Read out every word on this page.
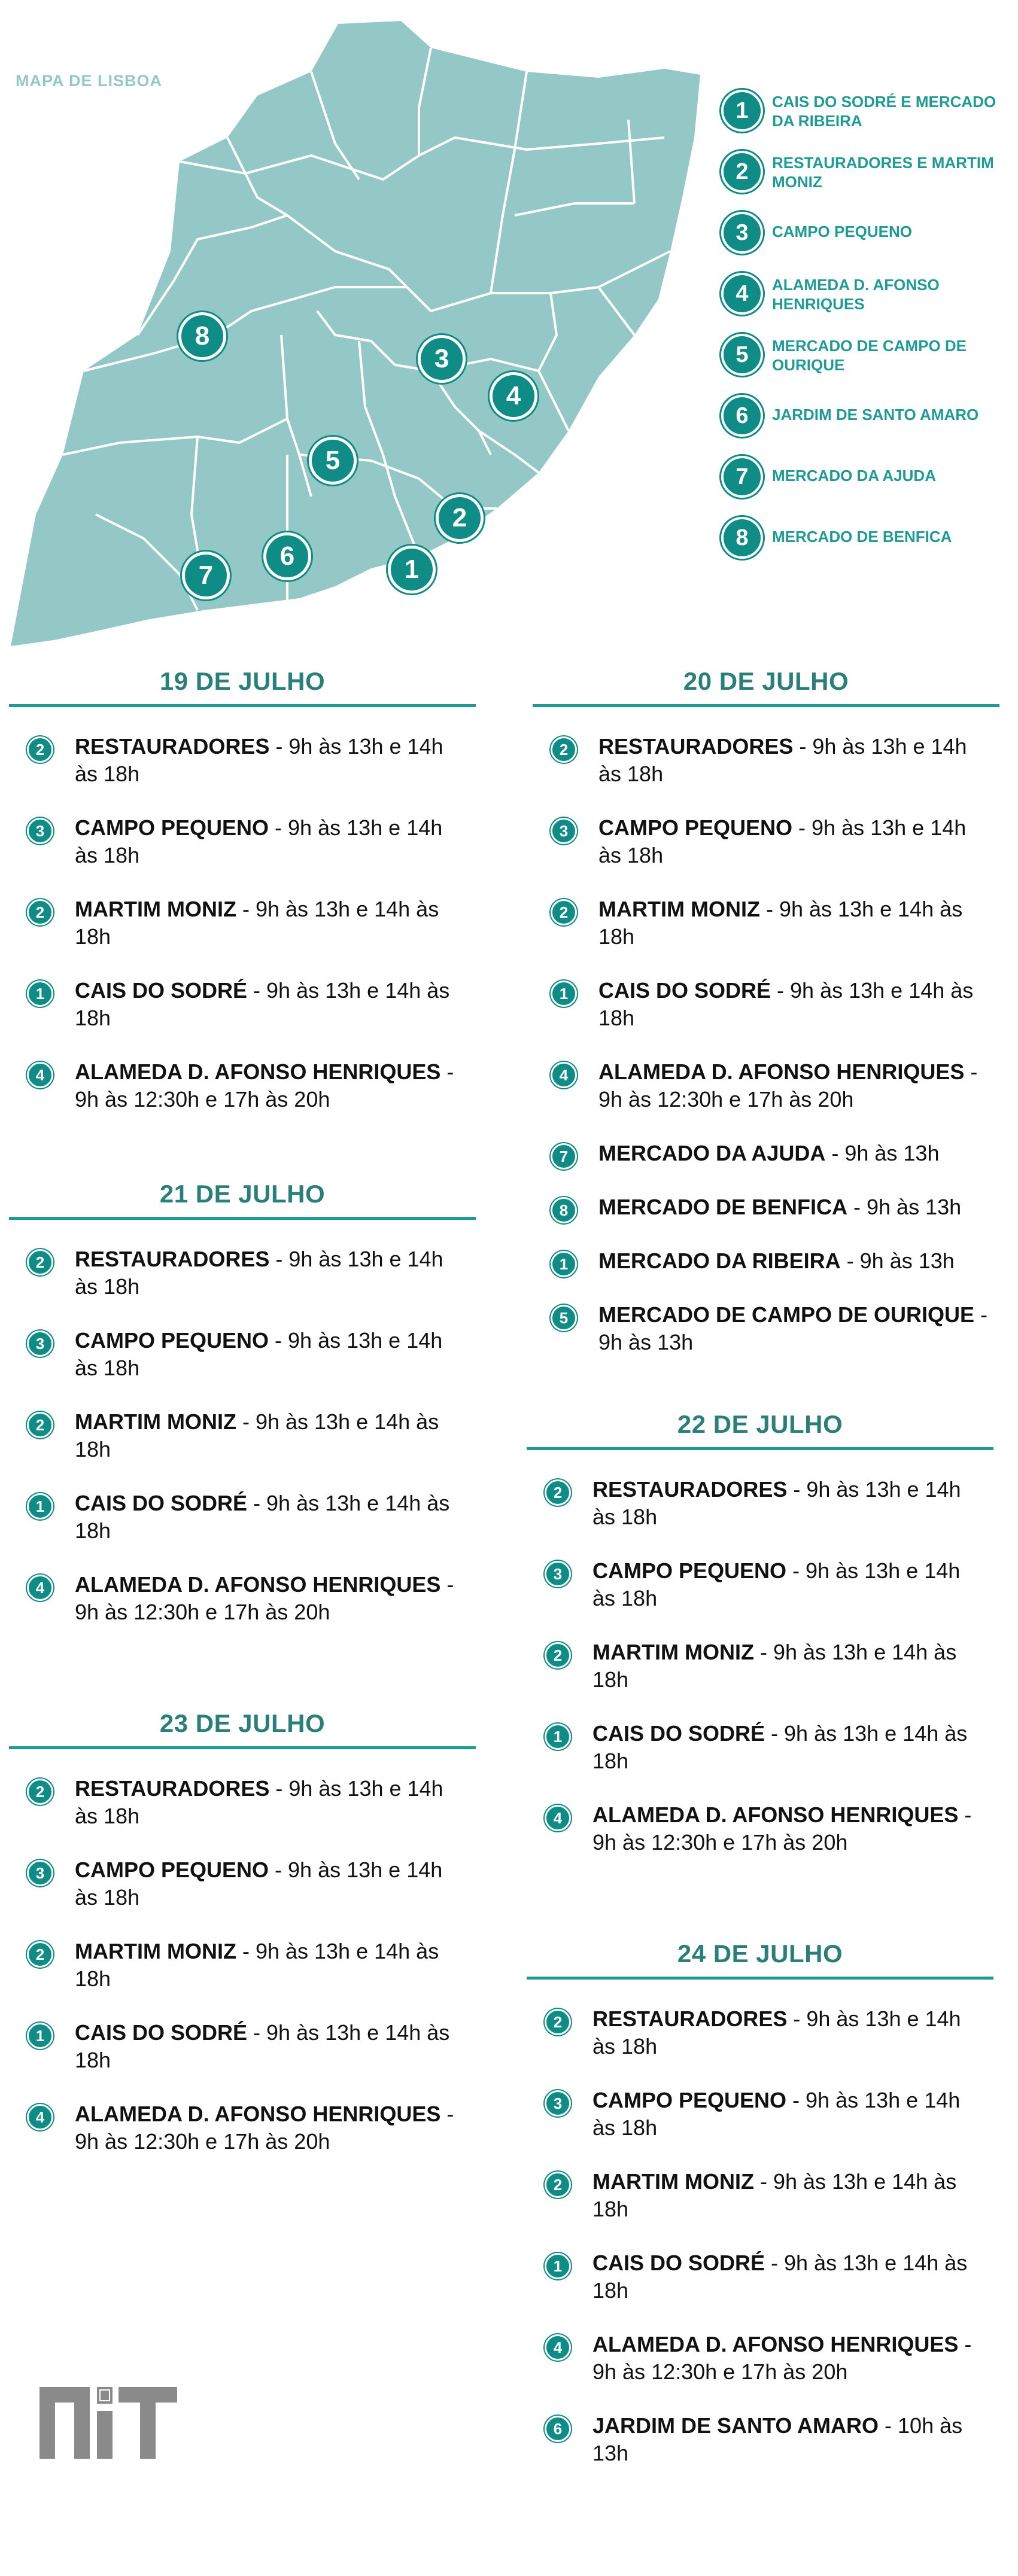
MAPA DE LISBOA
1
2
3
4
5
6
7
8
1	CAIS DO SODRÉ E MERCADO DA RIBEIRA
2	RESTAURADORES E MARTIM MONIZ
3	CAMPO PEQUENO
4	ALAMEDA D. AFONSO HENRIQUES
5	MERCADO DE CAMPO DE OURIQUE
6	JARDIM DE SANTO AMARO
7	MERCADO DA AJUDA
8	MERCADO DE BENFICA
19 DE JULHO
2	RESTAURADORES - 9h às 13h e 14h às 18h
3	CAMPO PEQUENO - 9h às 13h e 14h às 18h
2	MARTIM MONIZ - 9h às 13h e 14h às 18h
1	CAIS DO SODRÉ - 9h às 13h e 14h às 18h
4	ALAMEDA D. AFONSO HENRIQUES - 9h às 12:30h e 17h às 20h
20 DE JULHO
2	RESTAURADORES - 9h às 13h e 14h às 18h
3	CAMPO PEQUENO - 9h às 13h e 14h às 18h
2	MARTIM MONIZ - 9h às 13h e 14h às 18h
1	CAIS DO SODRÉ - 9h às 13h e 14h às 18h
4	ALAMEDA D. AFONSO HENRIQUES - 9h às 12:30h e 17h às 20h
7	MERCADO DA AJUDA - 9h às 13h
8	MERCADO DE BENFICA - 9h às 13h
1	MERCADO DA RIBEIRA - 9h às 13h
5	MERCADO DE CAMPO DE OURIQUE - 9h às 13h
21 DE JULHO
2	RESTAURADORES - 9h às 13h e 14h às 18h
3	CAMPO PEQUENO - 9h às 13h e 14h às 18h
2	MARTIM MONIZ - 9h às 13h e 14h às 18h
1	CAIS DO SODRÉ - 9h às 13h e 14h às 18h
4	ALAMEDA D. AFONSO HENRIQUES - 9h às 12:30h e 17h às 20h
22 DE JULHO
2	RESTAURADORES - 9h às 13h e 14h às 18h
3	CAMPO PEQUENO - 9h às 13h e 14h às 18h
2	MARTIM MONIZ - 9h às 13h e 14h às 18h
1	CAIS DO SODRÉ - 9h às 13h e 14h às 18h
4	ALAMEDA D. AFONSO HENRIQUES - 9h às 12:30h e 17h às 20h
23 DE JULHO
2	RESTAURADORES - 9h às 13h e 14h às 18h
3	CAMPO PEQUENO - 9h às 13h e 14h às 18h
2	MARTIM MONIZ - 9h às 13h e 14h às 18h
1	CAIS DO SODRÉ - 9h às 13h e 14h às 18h
4	ALAMEDA D. AFONSO HENRIQUES - 9h às 12:30h e 17h às 20h
24 DE JULHO
2	RESTAURADORES - 9h às 13h e 14h às 18h
3	CAMPO PEQUENO - 9h às 13h e 14h às 18h
2	MARTIM MONIZ - 9h às 13h e 14h às 18h
1	CAIS DO SODRÉ - 9h às 13h e 14h às 18h
4	ALAMEDA D. AFONSO HENRIQUES - 9h às 12:30h e 17h às 20h
6	JARDIM DE SANTO AMARO - 10h às 13h
